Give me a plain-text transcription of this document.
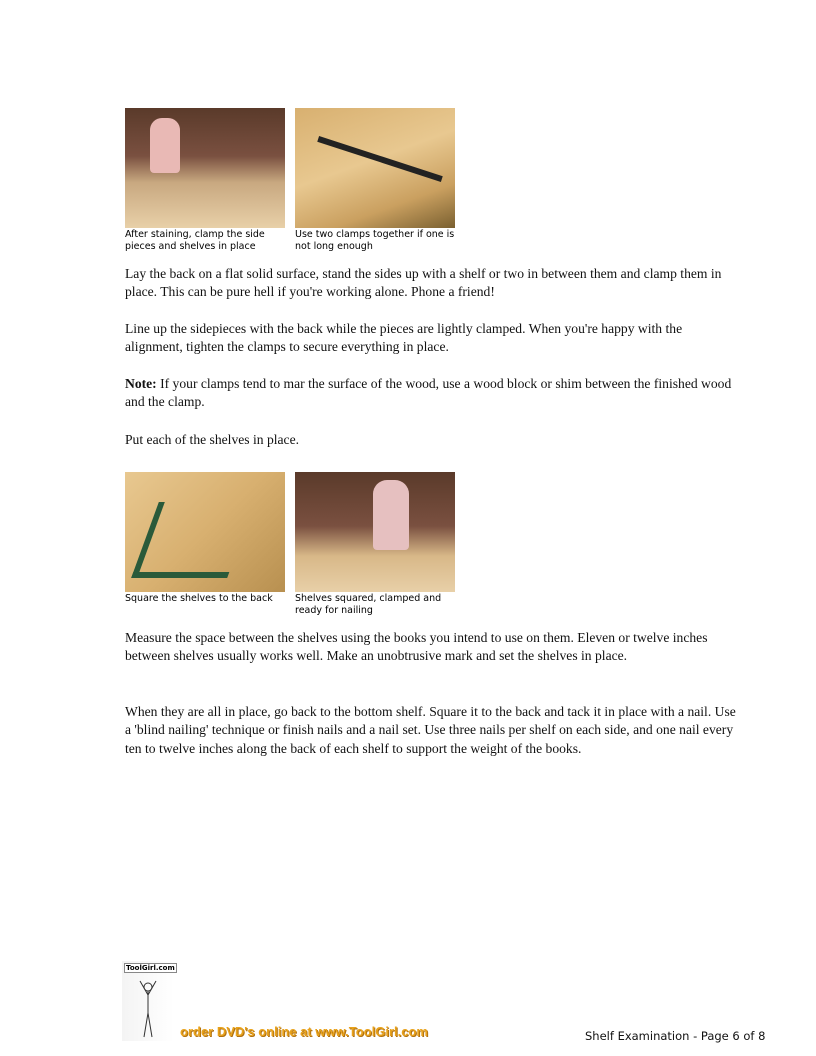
After staining, clamp the side pieces and shelves in place
Use two clamps together if one is not long enough

Lay the back on a flat solid surface, stand the sides up with a shelf or two in between them and clamp them in place. This can be pure hell if you're working alone. Phone a friend!

Line up the sidepieces with the back while the pieces are lightly clamped. When you're happy with the alignment, tighten the clamps to secure everything in place.

Note: If your clamps tend to mar the surface of the wood, use a wood block or shim between the finished wood and the clamp.

Put each of the shelves in place.

Square the shelves to the back	Shelves squared, clamped and ready for nailing

Measure the space between the shelves using the books you intend to use on them. Eleven or twelve inches between shelves usually works well. Make an unobtrusive mark and set the shelves in place.

When they are all in place, go back to the bottom shelf. Square it to the back and tack it in place with a nail. Use a 'blind nailing' technique or finish nails and a nail set. Use three nails per shelf on each side, and one nail every ten to twelve inches along the back of each shelf to support the weight of the books.

ToolGirl.com
order DVD's online at www.ToolGirl.com	Shelf Examination - Page 6 of 8
